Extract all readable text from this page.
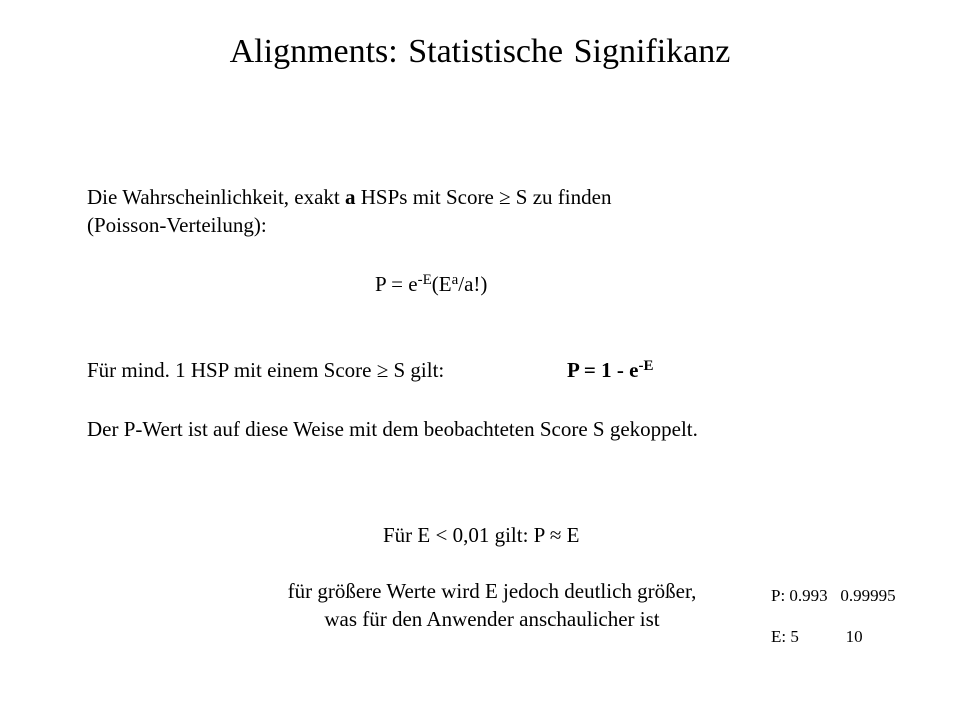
Alignments: Statistische Signifikanz
Die Wahrscheinlichkeit, exakt a HSPs mit Score ≥ S zu finden
(Poisson-Verteilung):
$P = e^{-E}(E^a/a!)$
Für mind. 1 HSP mit einem Score ≥ S gilt:	$P = 1 - e^{-E}$
Der P-Wert ist auf diese Weise mit dem beobachteten Score S gekoppelt.
Für E < 0,01 gilt: P ≈ E
für größere Werte wird E jedoch deutlich größer,
was für den Anwender anschaulicher ist
P: 0.993   0.99995
E: 5           10
